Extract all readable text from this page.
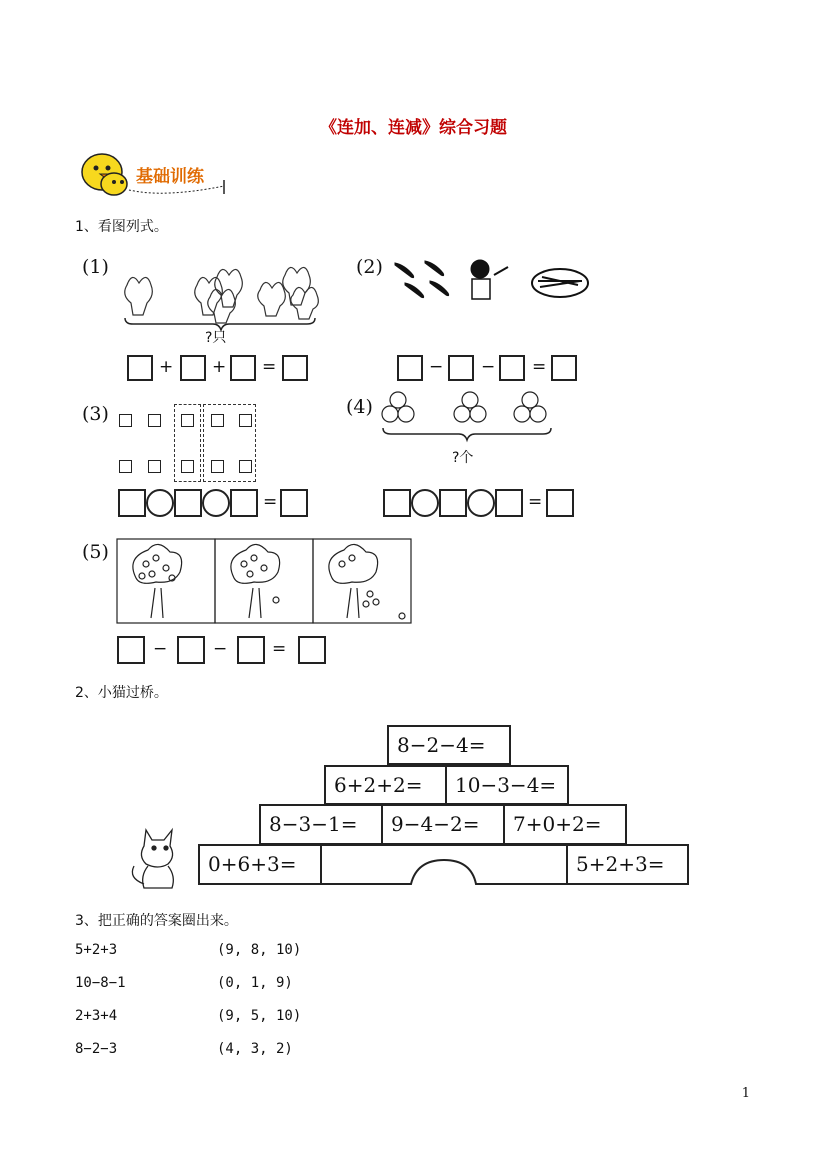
《连加、连减》综合习题
基础训练
1、看图列式。
(1)
?只
+ + =
(2)
− − =
(3)
=
(4)
?个
=
(5)
−	−	=
2、小猫过桥。
8−2−4=
6+2+2=	10−3−4=
8−3−1=	9−4−2=	7+0+2=
0+6+3=	5+2+3=
3、把正确的答案圈出来。
5+2+3	(9, 8, 10)
10−8−1	(0, 1, 9)
2+3+4	(9, 5, 10)
8−2−3	(4, 3, 2)
1
